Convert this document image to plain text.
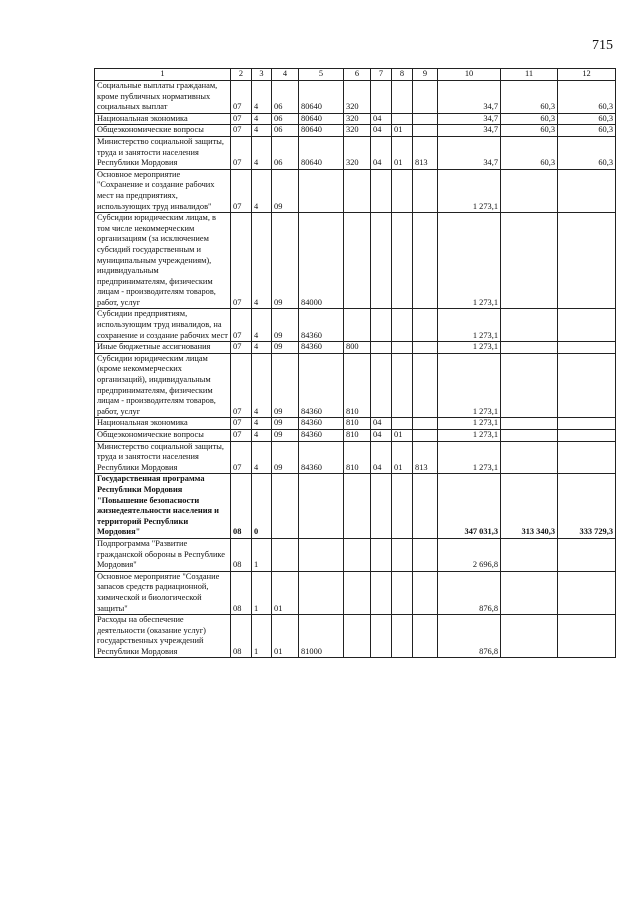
715
1	2	3	4	5	6	7	8	9	10	11	12
Социальные выплаты гражданам, кроме публичных нормативных социальных выплат	07	4	06	80640	320				34,7	60,3	60,3
Национальная экономика	07	4	06	80640	320	04			34,7	60,3	60,3
Общеэкономические вопросы	07	4	06	80640	320	04	01		34,7	60,3	60,3
Министерство социальной защиты, труда и занятости населения Республики Мордовия	07	4	06	80640	320	04	01	813	34,7	60,3	60,3
Основное мероприятие "Сохранение и создание рабочих мест на предприятиях, использующих труд инвалидов"	07	4	09						1 273,1		
Субсидии юридическим лицам, в том числе некоммерческим организациям (за исключением субсидий государственным и муниципальным учреждениям), индивидуальным предпринимателям, физическим лицам - производителям товаров, работ, услуг	07	4	09	84000					1 273,1		
Субсидии предприятиям, использующим труд инвалидов, на сохранение и создание рабочих мест	07	4	09	84360					1 273,1		
Иные бюджетные ассигнования	07	4	09	84360	800				1 273,1		
Субсидии юридическим лицам (кроме некоммерческих организаций), индивидуальным предпринимателям, физическим лицам - производителям товаров, работ, услуг	07	4	09	84360	810				1 273,1		
Национальная экономика	07	4	09	84360	810	04			1 273,1		
Общеэкономические вопросы	07	4	09	84360	810	04	01		1 273,1		
Министерство социальной защиты, труда и занятости населения Республики Мордовия	07	4	09	84360	810	04	01	813	1 273,1		
Государственная программа Республики Мордовия "Повышение безопасности жизнедеятельности населения и территорий Республики Мордовия"	08	0							347 031,3	313 340,3	333 729,3
Подпрограмма "Развитие гражданской обороны в Республике Мордовия"	08	1							2 696,8		
Основное мероприятие "Создание запасов средств радиационной, химической и биологической защиты"	08	1	01						876,8		
Расходы на обеспечение деятельности (оказание услуг) государственных учреждений Республики Мордовия	08	1	01	81000					876,8		
